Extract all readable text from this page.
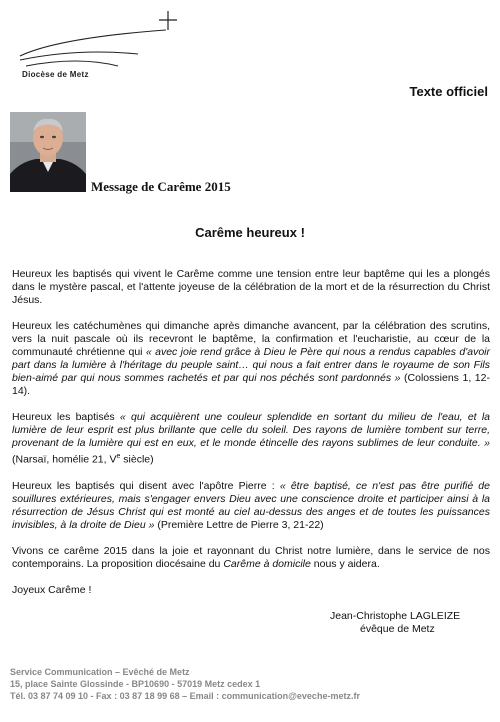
Diocèse de Metz
Texte officiel
Message de Carême 2015
Carême heureux !

Heureux les baptisés qui vivent le Carême comme une tension entre leur baptême qui les a plongés dans le mystère pascal, et l'attente joyeuse de la célébration de la mort et de la résurrection du Christ Jésus.

Heureux les catéchumènes qui dimanche après dimanche avancent, par la célébration des scrutins, vers la nuit pascale où ils recevront le baptême, la confirmation et l'eucharistie, au cœur de la communauté chrétienne qui « avec joie rend grâce à Dieu le Père qui nous a rendus capables d'avoir part dans la lumière à l'héritage du peuple saint… qui nous a fait entrer dans le royaume de son Fils bien-aimé par qui nous sommes rachetés et par qui nos péchés sont pardonnés » (Colossiens 1, 12-14).

Heureux les baptisés « qui acquièrent une couleur splendide en sortant du milieu de l'eau, et la lumière de leur esprit est plus brillante que celle du soleil. Des rayons de lumière tombent sur terre, provenant de la lumière qui est en eux, et le monde étincelle des rayons sublimes de leur conduite. » (Narsaï, homélie 21, Ve siècle)

Heureux les baptisés qui disent avec l'apôtre Pierre : « être baptisé, ce n'est pas être purifié de souillures extérieures, mais s'engager envers Dieu avec une conscience droite et participer ainsi à la résurrection de Jésus Christ qui est monté au ciel au-dessus des anges et de toutes les puissances invisibles, à la droite de Dieu » (Première Lettre de Pierre 3, 21-22)

Vivons ce carême 2015 dans la joie et rayonnant du Christ notre lumière, dans le service de nos contemporains. La proposition diocésaine du Carême à domicile nous y aidera.

Joyeux Carême !

Jean-Christophe LAGLEIZE
évêque de Metz
Service Communication – Evêché de Metz
15, place Sainte Glossinde - BP10690 - 57019 Metz cedex 1
Tél. 03 87 74 09 10 - Fax : 03 87 18 99 68 – Email : communication@eveche-metz.fr
